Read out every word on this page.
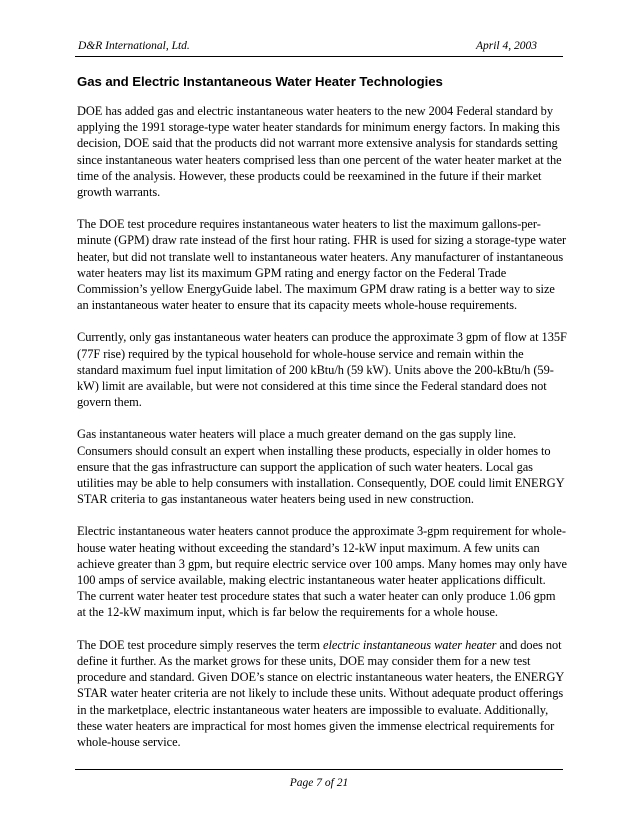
D&R International, Ltd.	April 4, 2003
Gas and Electric Instantaneous Water Heater Technologies

DOE has added gas and electric instantaneous water heaters to the new 2004 Federal standard by applying the 1991 storage-type water heater standards for minimum energy factors. In making this decision, DOE said that the products did not warrant more extensive analysis for standards setting since instantaneous water heaters comprised less than one percent of the water heater market at the time of the analysis. However, these products could be reexamined in the future if their market growth warrants.

The DOE test procedure requires instantaneous water heaters to list the maximum gallons-per-minute (GPM) draw rate instead of the first hour rating. FHR is used for sizing a storage-type water heater, but did not translate well to instantaneous water heaters. Any manufacturer of instantaneous water heaters may list its maximum GPM rating and energy factor on the Federal Trade Commission’s yellow EnergyGuide label. The maximum GPM draw rating is a better way to size an instantaneous water heater to ensure that its capacity meets whole-house requirements.

Currently, only gas instantaneous water heaters can produce the approximate 3 gpm of flow at 135F (77F rise) required by the typical household for whole-house service and remain within the standard maximum fuel input limitation of 200 kBtu/h (59 kW). Units above the 200-kBtu/h (59-kW) limit are available, but were not considered at this time since the Federal standard does not govern them.

Gas instantaneous water heaters will place a much greater demand on the gas supply line. Consumers should consult an expert when installing these products, especially in older homes to ensure that the gas infrastructure can support the application of such water heaters. Local gas utilities may be able to help consumers with installation. Consequently, DOE could limit ENERGY STAR criteria to gas instantaneous water heaters being used in new construction.

Electric instantaneous water heaters cannot produce the approximate 3-gpm requirement for whole-house water heating without exceeding the standard’s 12-kW input maximum. A few units can achieve greater than 3 gpm, but require electric service over 100 amps. Many homes may only have 100 amps of service available, making electric instantaneous water heater applications difficult. The current water heater test procedure states that such a water heater can only produce 1.06 gpm at the 12-kW maximum input, which is far below the requirements for a whole house.

The DOE test procedure simply reserves the term electric instantaneous water heater and does not define it further. As the market grows for these units, DOE may consider them for a new test procedure and standard. Given DOE’s stance on electric instantaneous water heaters, the ENERGY STAR water heater criteria are not likely to include these units. Without adequate product offerings in the marketplace, electric instantaneous water heaters are impossible to evaluate. Additionally, these water heaters are impractical for most homes given the immense electrical requirements for whole-house service.

Page 7 of 21
